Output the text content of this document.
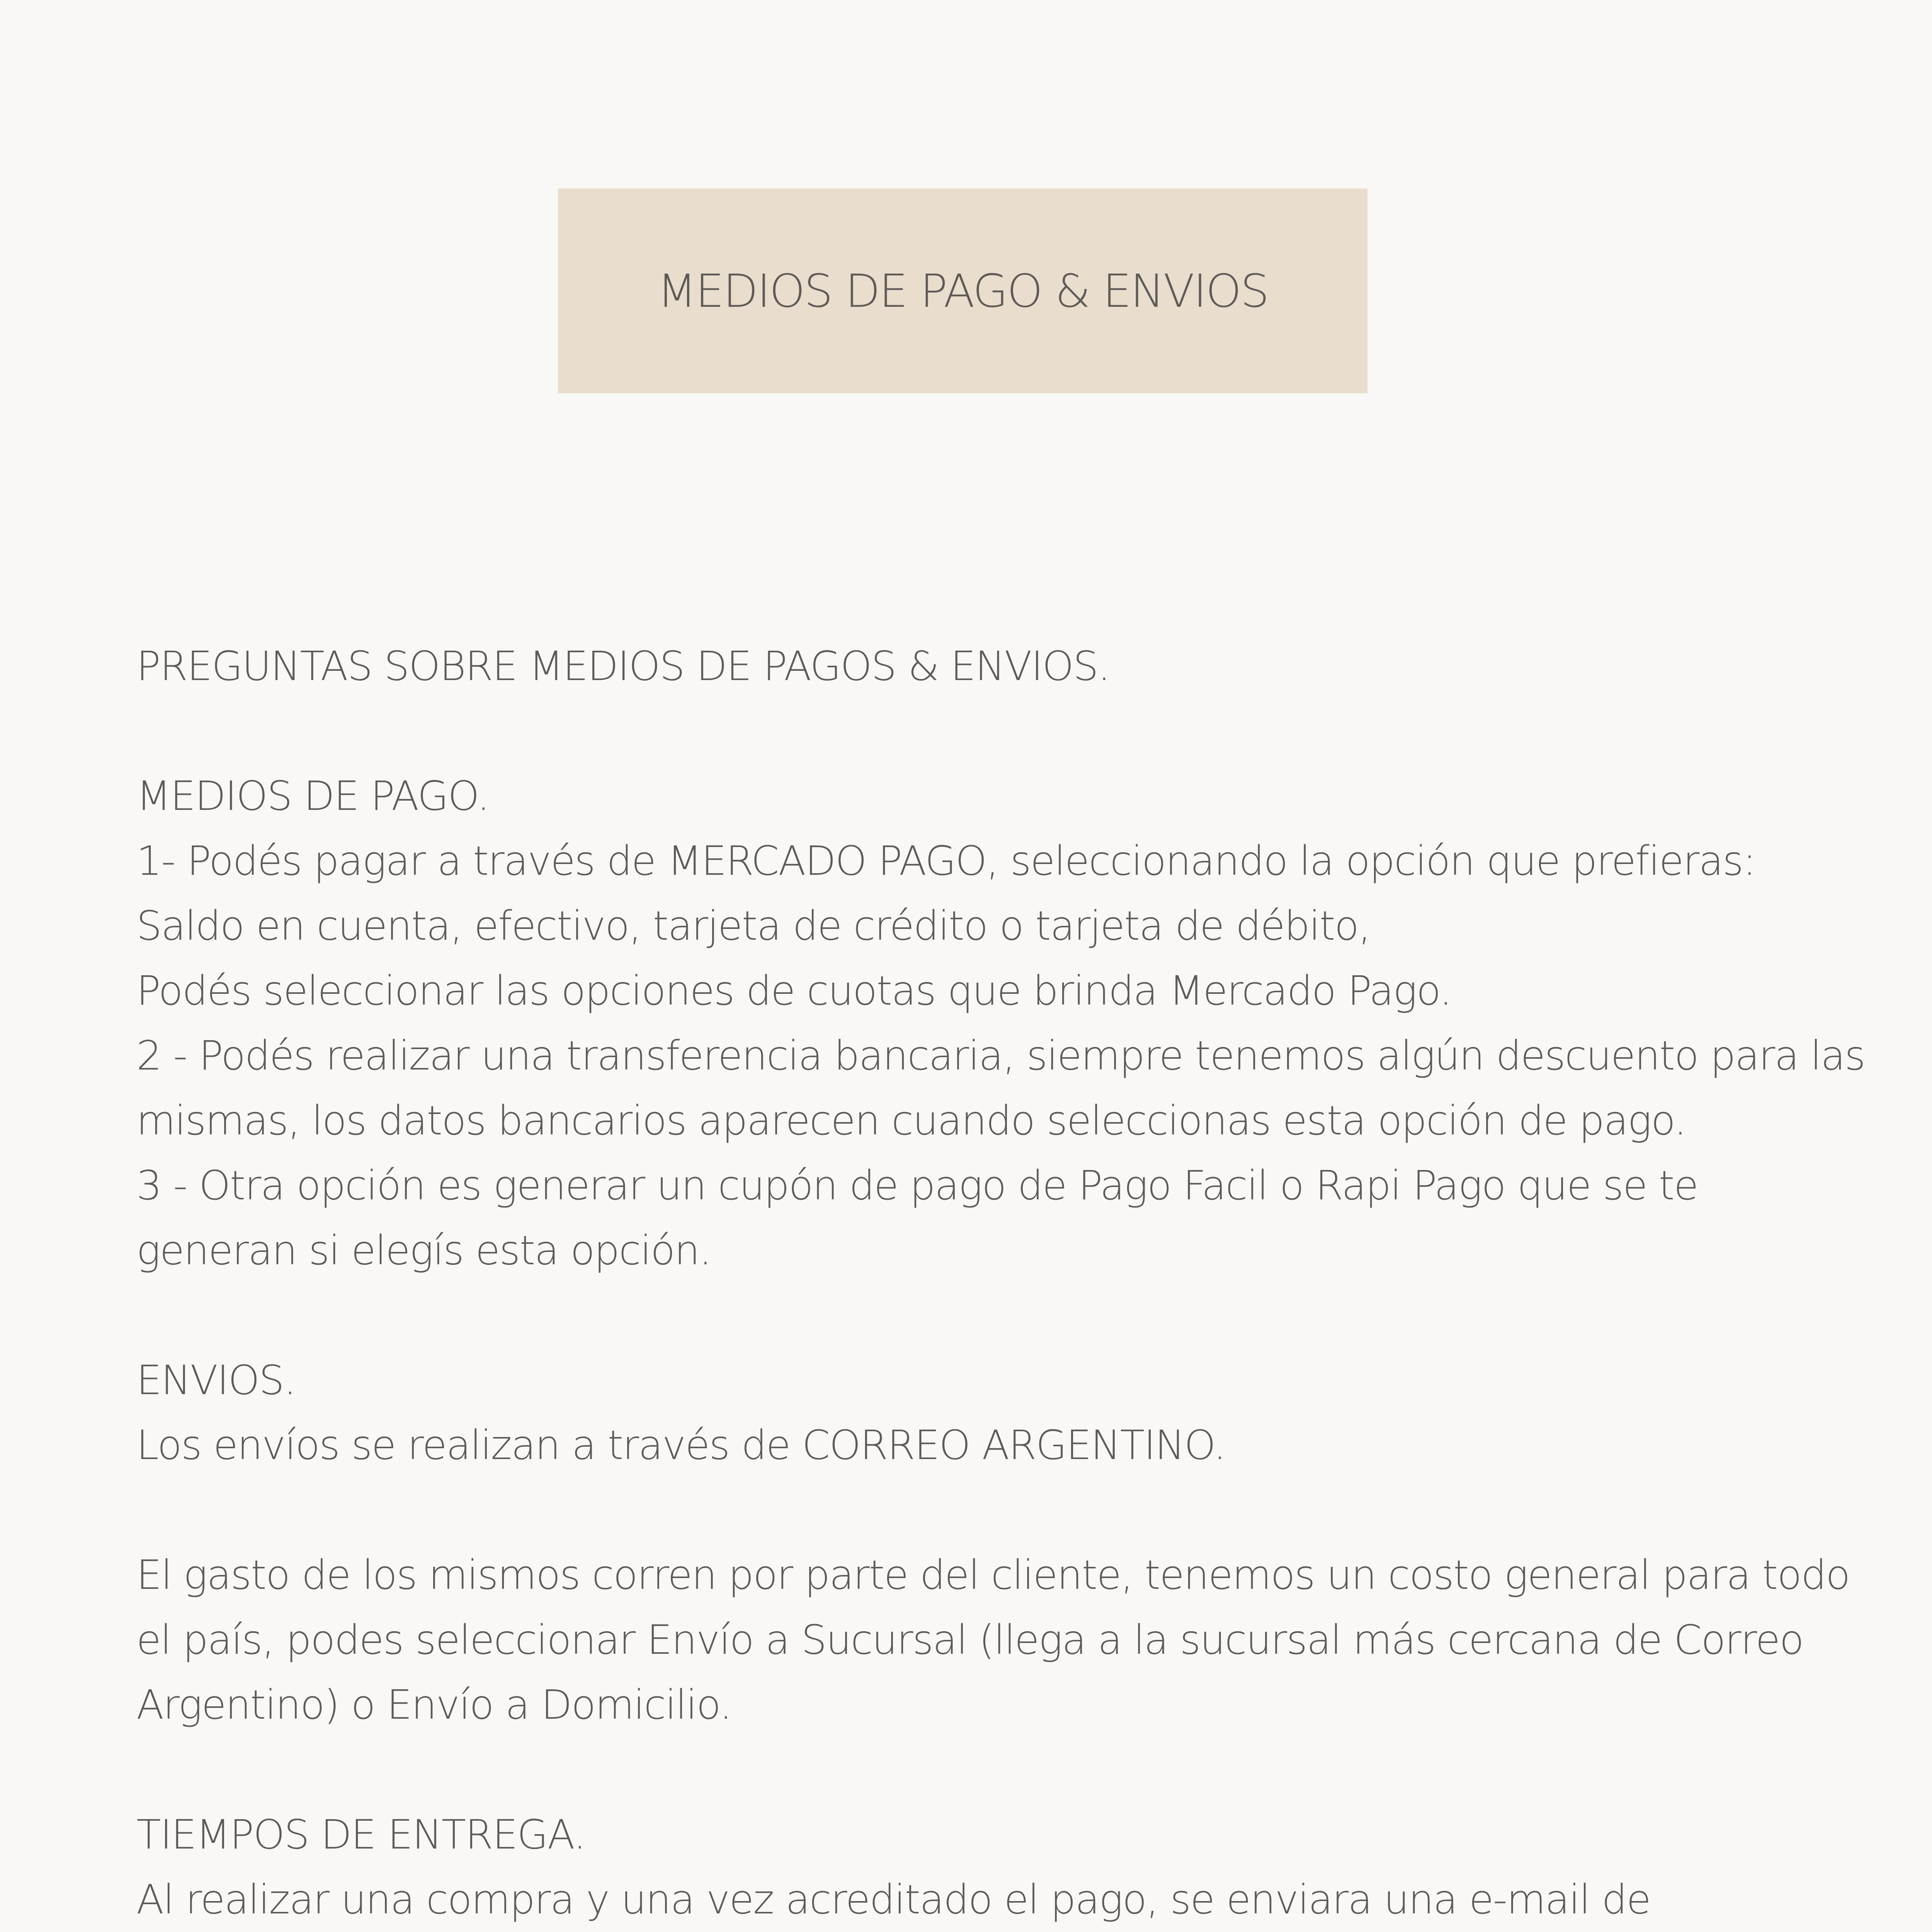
MEDIOS DE PAGO & ENVIOS

PREGUNTAS SOBRE MEDIOS DE PAGOS & ENVIOS.

MEDIOS DE PAGO.

1- Podés pagar a través de MERCADO PAGO, seleccionando la opción que prefieras: Saldo en cuenta, efectivo, tarjeta de crédito o tarjeta de débito,

Podés seleccionar las opciones de cuotas que brinda Mercado Pago.

2 - Podés realizar una transferencia bancaria, siempre tenemos algún descuento para las mismas, los datos bancarios aparecen cuando seleccionas esta opción de pago.

3 - Otra opción es generar un cupón de pago de Pago Facil o Rapi Pago que se te generan si elegís esta opción.

ENVIOS.

Los envíos se realizan a través de CORREO ARGENTINO.

El gasto de los mismos corren por parte del cliente, tenemos un costo general para todo el país, podes seleccionar Envío a Sucursal (llega a la sucursal más cercana de Correo Argentino) o Envío a Domicilio.

TIEMPOS DE ENTREGA.

Al realizar una compra y una vez acreditado el pago, se enviara una e-mail de
